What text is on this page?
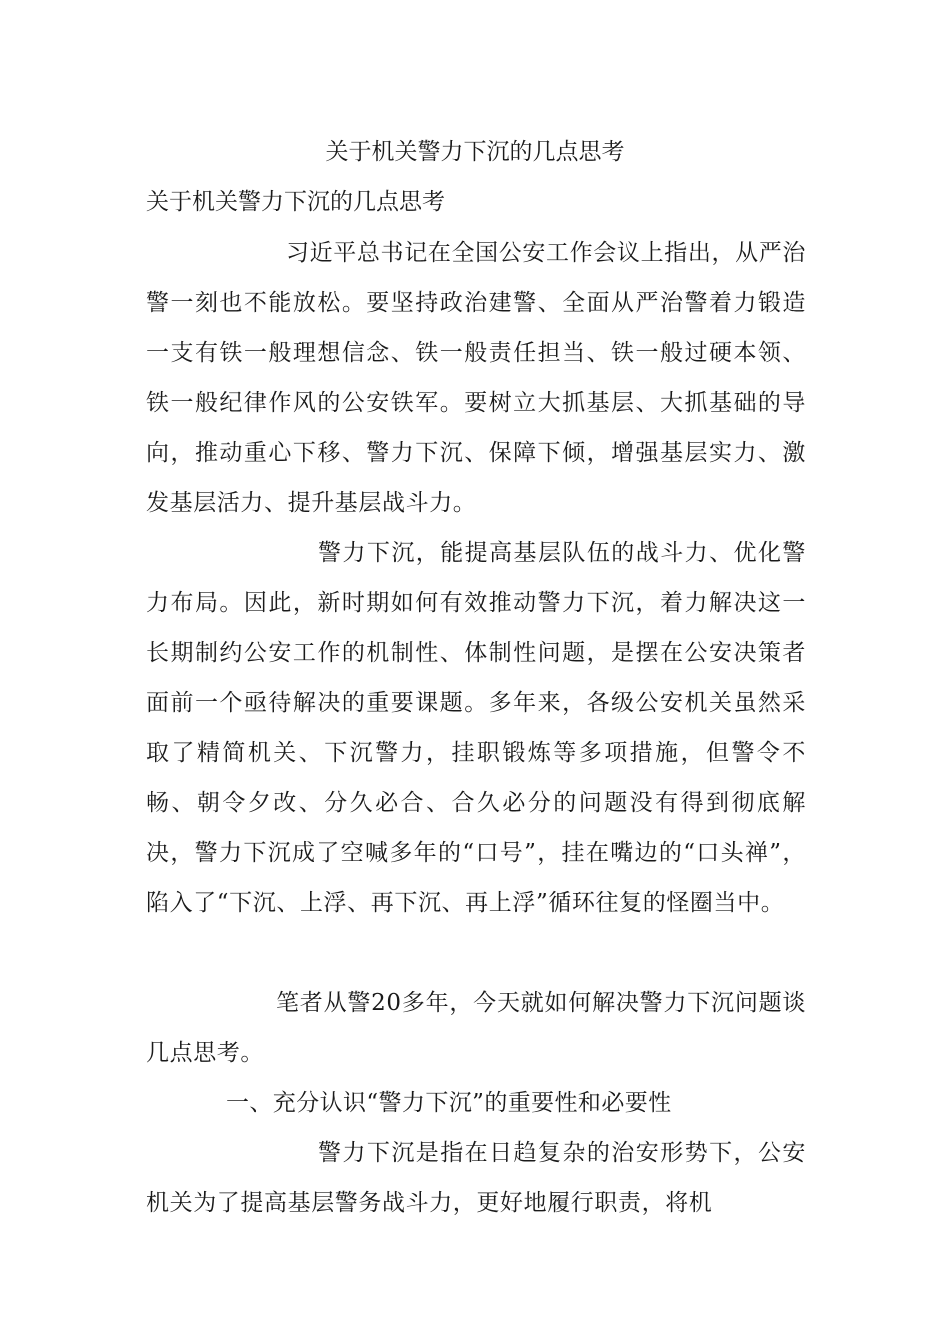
关于机关警力下沉的几点思考
关于机关警力下沉的几点思考

习近平总书记在全国公安工作会议上指出，从严治警一刻也不能放松。要坚持政治建警、全面从严治警着力锻造一支有铁一般理想信念、铁一般责任担当、铁一般过硬本领、铁一般纪律作风的公安铁军。要树立大抓基层、大抓基础的导向，推动重心下移、警力下沉、保障下倾，增强基层实力、激发基层活力、提升基层战斗力。

警力下沉，能提高基层队伍的战斗力、优化警力布局。因此，新时期如何有效推动警力下沉，着力解决这一长期制约公安工作的机制性、体制性问题，是摆在公安决策者面前一个亟待解决的重要课题。多年来，各级公安机关虽然采取了精简机关、下沉警力，挂职锻炼等多项措施，但警令不畅、朝令夕改、分久必合、合久必分的问题没有得到彻底解决，警力下沉成了空喊多年的“口号”，挂在嘴边的“口头禅”，陷入了“下沉、上浮、再下沉、再上浮”循环往复的怪圈当中。

笔者从警20多年，今天就如何解决警力下沉问题谈几点思考。

一、充分认识“警力下沉”的重要性和必要性

警力下沉是指在日趋复杂的治安形势下，公安机关为了提高基层警务战斗力，更好地履行职责，将机
